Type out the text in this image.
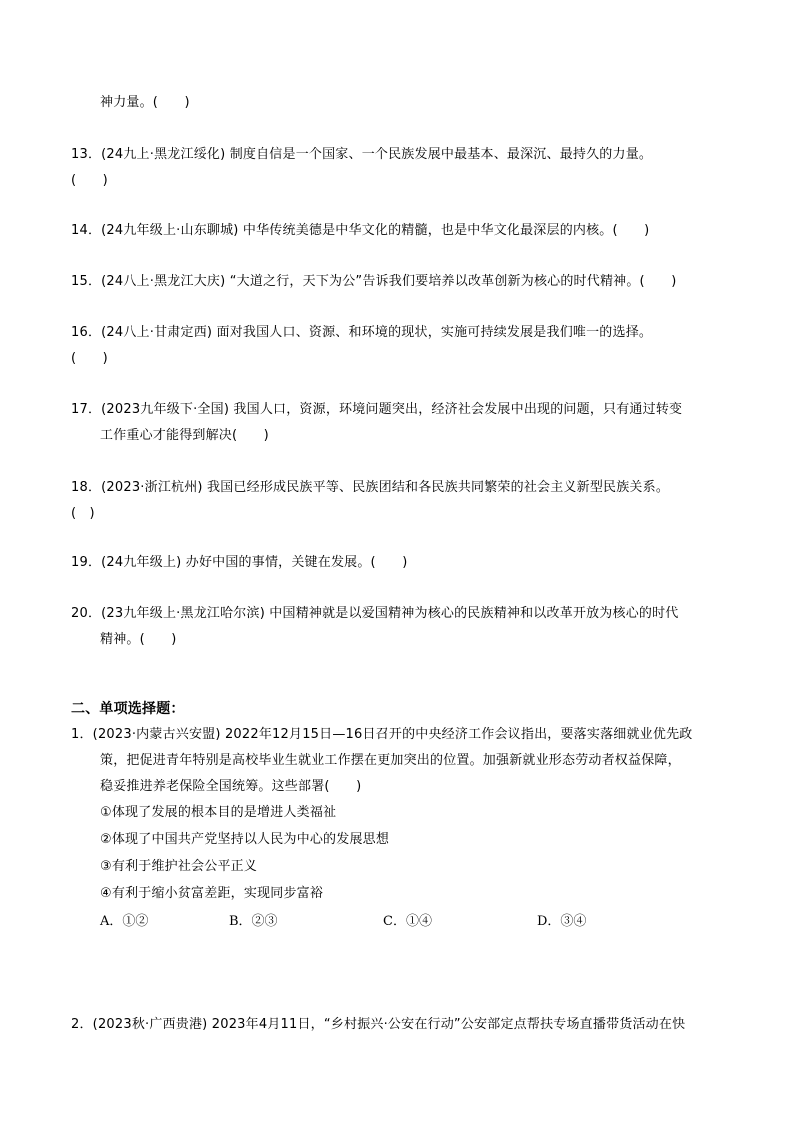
神力量。(　　)
13．(24九上·黑龙江绥化) 制度自信是一个国家、一个民族发展中最基本、最深沉、最持久的力量。
(　　)
14．(24九年级上·山东聊城) 中华传统美德是中华文化的精髓，也是中华文化最深层的内核。(　　)
15．(24八上·黑龙江大庆) “大道之行，天下为公”告诉我们要培养以改革创新为核心的时代精神。(　　)
16．(24八上·甘肃定西) 面对我国人口、资源、和环境的现状，实施可持续发展是我们唯一的选择。
(　　)
17．(2023九年级下·全国) 我国人口，资源，环境问题突出，经济社会发展中出现的问题，只有通过转变
工作重心才能得到解决(　　)
18．(2023·浙江杭州) 我国已经形成民族平等、民族团结和各民族共同繁荣的社会主义新型民族关系。
(　)
19．(24九年级上) 办好中国的事情，关键在发展。(　　)
20．(23九年级上·黑龙江哈尔滨) 中国精神就是以爱国精神为核心的民族精神和以改革开放为核心的时代
精神。(　　)
二、单项选择题：
1．(2023·内蒙古兴安盟) 2022年12月15日—16日召开的中央经济工作会议指出，要落实落细就业优先政
策，把促进青年特别是高校毕业生就业工作摆在更加突出的位置。加强新就业形态劳动者权益保障，
稳妥推进养老保险全国统筹。这些部署(　　)
①体现了发展的根本目的是增进人类福祉
②体现了中国共产党坚持以人民为中心的发展思想
③有利于维护社会公平正义
④有利于缩小贫富差距，实现同步富裕
A．①②	B．②③	C．①④	D．③④
2．(2023秋·广西贵港) 2023年4月11日，“乡村振兴·公安在行动”公安部定点帮扶专场直播带货活动在快
